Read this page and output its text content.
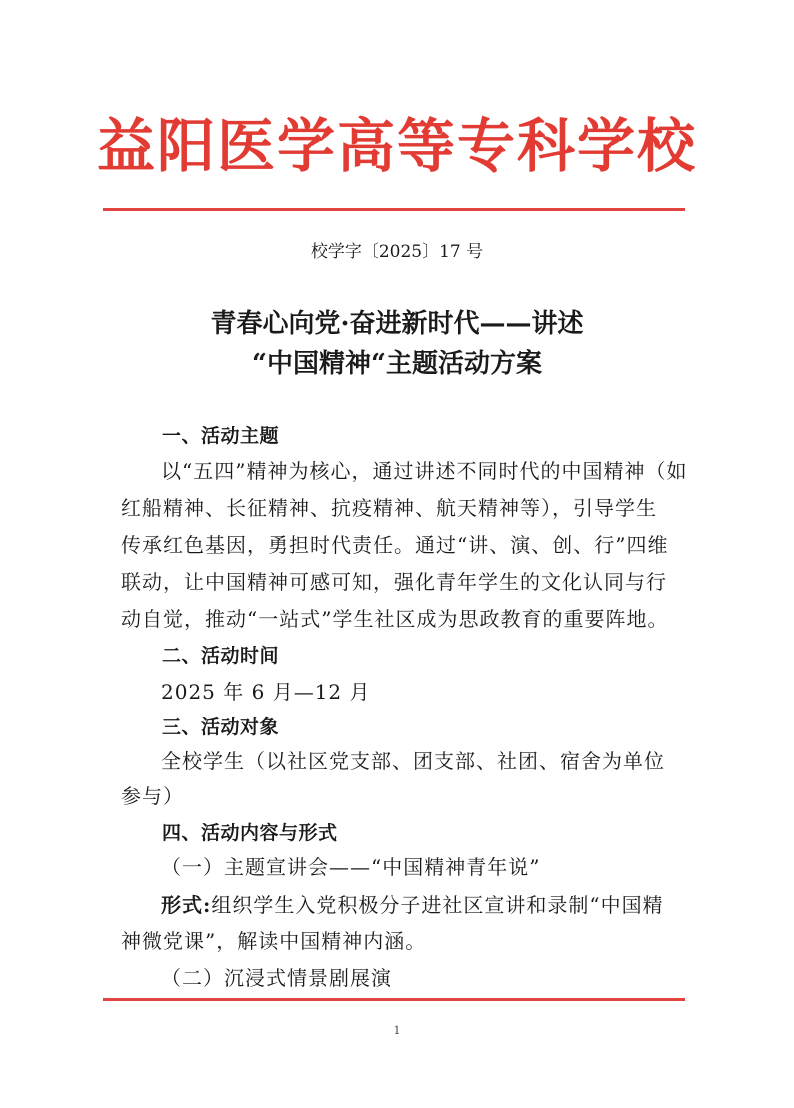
益阳医学高等专科学校
校学字〔2025〕17 号
青春心向党·奋进新时代——讲述
“中国精神“主题活动方案
一、活动主题
以“五四”精神为核心，通过讲述不同时代的中国精神（如
红船精神、长征精神、抗疫精神、航天精神等），引导学生
传承红色基因，勇担时代责任。通过“讲、演、创、行”四维
联动，让中国精神可感可知，强化青年学生的文化认同与行
动自觉，推动“一站式”学生社区成为思政教育的重要阵地。
二、活动时间
2025 年 6 月—12 月
三、活动对象
全校学生（以社区党支部、团支部、社团、宿舍为单位
参与）
四、活动内容与形式
（一）主题宣讲会——“中国精神青年说”
形式:组织学生入党积极分子进社区宣讲和录制“中国精
神微党课”，解读中国精神内涵。
（二）沉浸式情景剧展演
1
